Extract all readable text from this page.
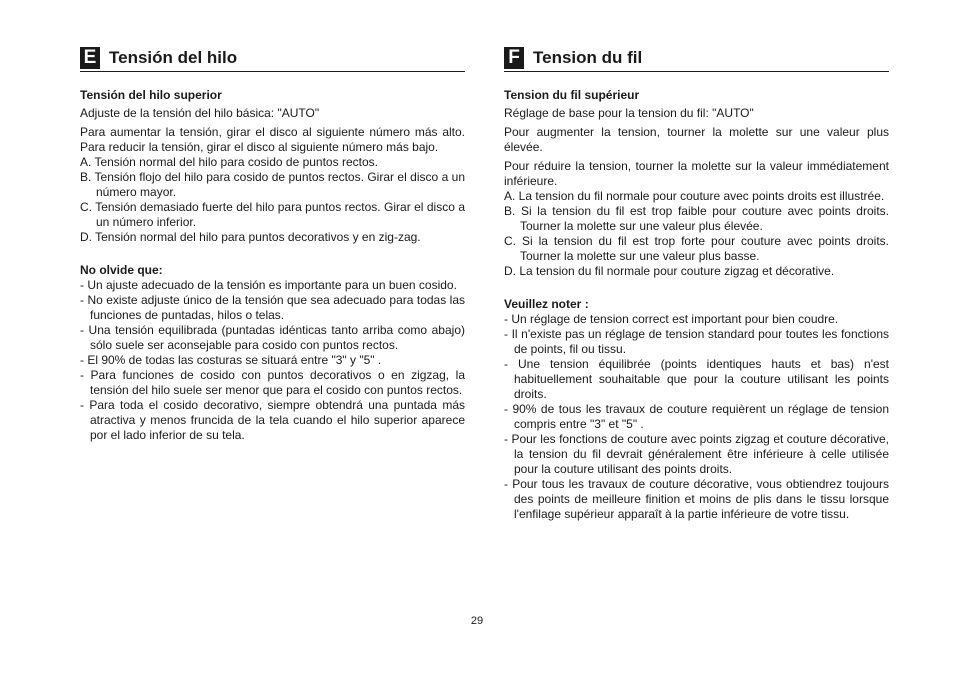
E Tensión del hilo

Tensión del hilo superior

Adjuste de la tensión del hilo básica: "AUTO"

Para aumentar la tensión, girar el disco al siguiente número más alto. Para reducir la tensión, girar el disco al siguiente número más bajo.

A. Tensión normal del hilo para cosido de puntos rectos.

B. Tensión flojo del hilo para cosido de puntos rectos. Girar el disco a un número mayor.

C. Tensión demasiado fuerte del hilo para puntos rectos. Girar el disco a un número inferior.

D. Tensión normal del hilo para puntos decorativos y en zig-zag.

No olvide que:

- Un ajuste adecuado de la tensión es importante para un buen cosido.

- No existe adjuste único de la tensión que sea adecuado para todas las funciones de puntadas, hilos o telas.

- Una tensión equilibrada (puntadas idénticas tanto arriba como abajo) sólo suele ser aconsejable para cosido con puntos rectos.

- El 90% de todas las costuras se situará entre "3" y "5" .

- Para funciones de cosido con puntos decorativos o en zigzag, la tensión del hilo suele ser menor que para el cosido con puntos rectos.

- Para toda el cosido decorativo, siempre obtendrá una puntada más atractiva y menos fruncida de la tela cuando el hilo superior aparece por el lado inferior de su tela.

F Tension du fil

Tension du fil supérieur

Réglage de base pour la tension du fil: "AUTO"

Pour augmenter la tension, tourner la molette sur une valeur plus élevée.

Pour réduire la tension, tourner la molette sur la valeur immédiatement inférieure.

A. La tension du fil normale pour couture avec points droits est illustrée.

B. Si la tension du fil est trop faible pour couture avec points droits. Tourner la molette sur une valeur plus élevée.

C. Si la tension du fil est trop forte pour couture avec points droits. Tourner la molette sur une valeur plus basse.

D. La tension du fil normale pour couture zigzag et décorative.

Veuillez noter :

- Un réglage de tension correct est important pour bien coudre.

- Il n'existe pas un réglage de tension standard pour toutes les fonctions de points, fil ou tissu.

- Une tension équilibrée (points identiques hauts et bas) n'est habituellement souhaitable que pour la couture utilisant les points droits.

- 90% de tous les travaux de couture requièrent un réglage de tension compris entre "3" et "5" .

- Pour les fonctions de couture avec points zigzag et couture décorative, la tension du fil devrait généralement être inférieure à celle utilisée pour la couture utilisant des points droits.

- Pour tous les travaux de couture décorative, vous obtiendrez toujours des points de meilleure finition et moins de plis dans le tissu lorsque l'enfilage supérieur apparaît à la partie inférieure de votre tissu.

29
